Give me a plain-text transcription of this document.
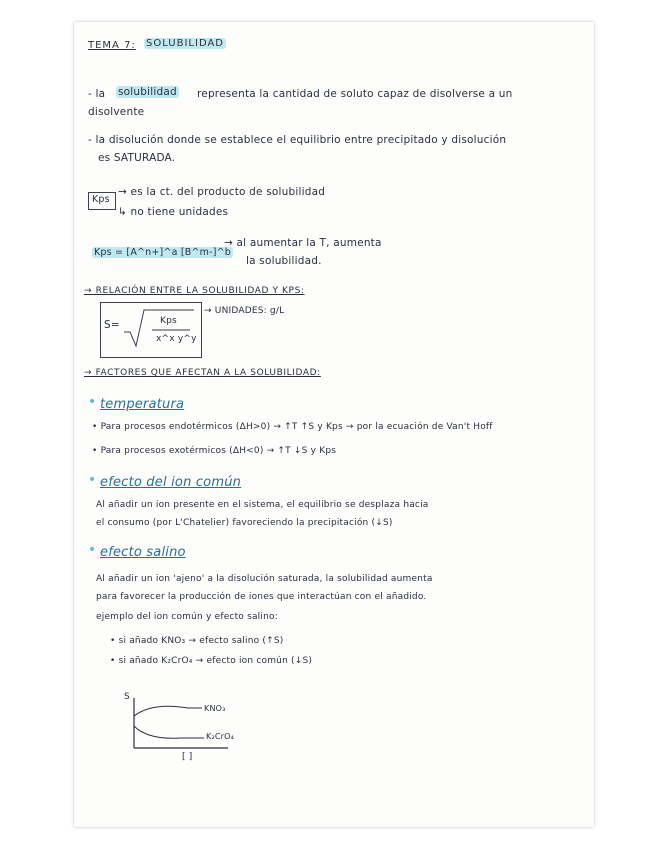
TEMA 7: SOLUBILIDAD
- la solubilidad representa la cantidad de soluto capaz de disolverse a un
disolvente
- la disolución donde se establece el equilibrio entre precipitado y disolución
es SATURADA.
Kps
→ es la ct. del producto de solubilidad
↳ no tiene unidades
Kps = [A^n+]^a [B^m-]^b
→ al aumentar la T, aumenta
la solubilidad.
→ RELACIÓN ENTRE LA SOLUBILIDAD Y KPS:
S=	Kps
x^x y^y
→ UNIDADES: g/L
→ FACTORES QUE AFECTAN A LA SOLUBILIDAD:
• temperatura
• Para procesos endotérmicos (ΔH>0) → ↑T ↑S y Kps → por la ecuación de Van't Hoff
• Para procesos exotérmicos (ΔH<0) → ↑T ↓S y Kps
• efecto del ion común
Al añadir un ion presente en el sistema, el equilibrio se desplaza hacia
el consumo (por L'Chatelier) favoreciendo la precipitación (↓S)
• efecto salino
Al añadir un ion 'ajeno' a la disolución saturada, la solubilidad aumenta
para favorecer la producción de iones que interactúan con el añadido.
ejemplo del ion común y efecto salino:
• si añado KNO₃ → efecto salino (↑S)
• si añado K₂CrO₄ → efecto ion común (↓S)
S
KNO₃
K₂CrO₄
[ ]
